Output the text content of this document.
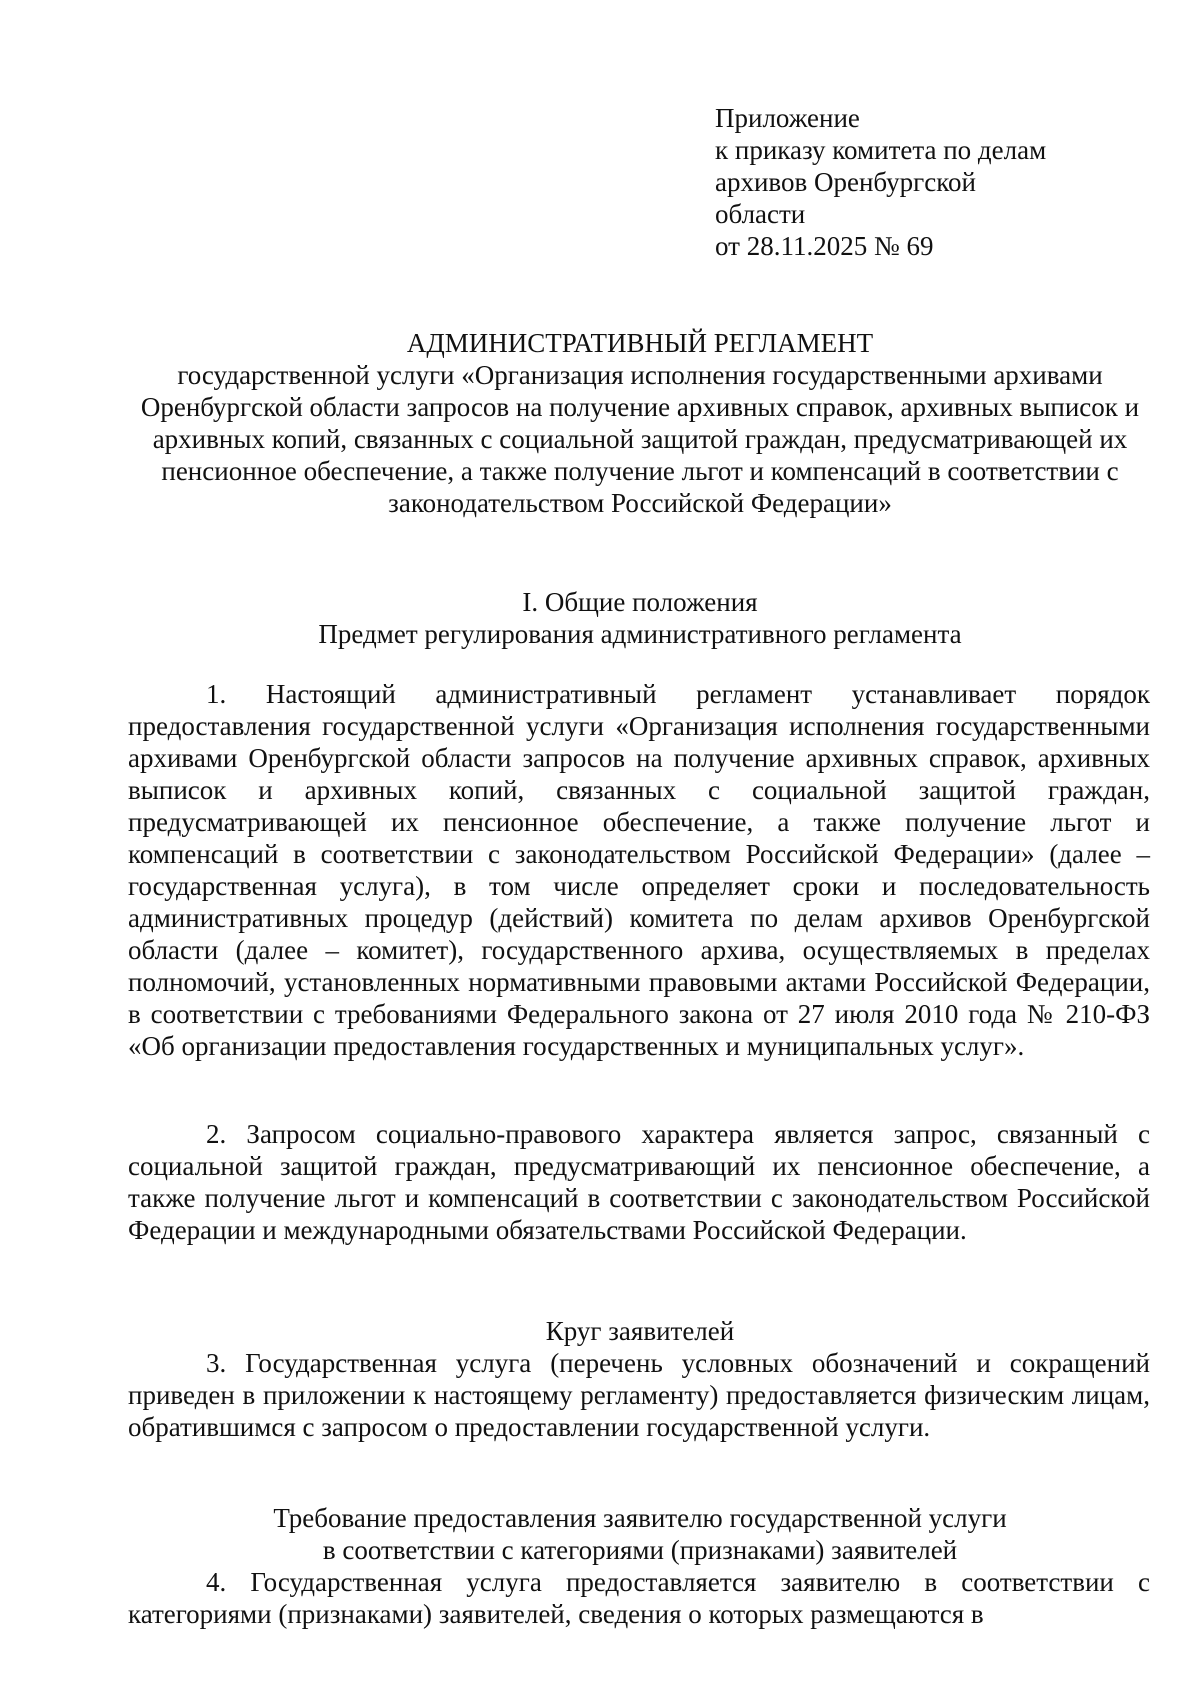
Приложение
к приказу комитета по делам
архивов Оренбургской
области
от 28.11.2025 № 69
АДМИНИСТРАТИВНЫЙ РЕГЛАМЕНТ
государственной услуги «Организация исполнения государственными архивами Оренбургской области запросов на получение архивных справок, архивных выписок и архивных копий, связанных с социальной защитой граждан, предусматривающей их пенсионное обеспечение, а также получение льгот и компенсаций в соответствии с законодательством Российской Федерации»
I. Общие положения
Предмет регулирования административного регламента
1. Настоящий административный регламент устанавливает порядок предоставления государственной услуги «Организация исполнения государственными архивами Оренбургской области запросов на получение архивных справок, архивных выписок и архивных копий, связанных с социальной защитой граждан, предусматривающей их пенсионное обеспечение, а также получение льгот и компенсаций в соответствии с законодательством Российской Федерации» (далее – государственная услуга), в том числе определяет сроки и последовательность административных процедур (действий) комитета по делам архивов Оренбургской области (далее – комитет), государственного архива, осуществляемых в пределах полномочий, установленных нормативными правовыми актами Российской Федерации, в соответствии с требованиями Федерального закона от 27 июля 2010 года № 210-ФЗ «Об организации предоставления государственных и муниципальных услуг».
2. Запросом социально-правового характера является запрос, связанный с социальной защитой граждан, предусматривающий их пенсионное обеспечение, а также получение льгот и компенсаций в соответствии с законодательством Российской Федерации и международными обязательствами Российской Федерации.
Круг заявителей
3. Государственная услуга (перечень условных обозначений и сокращений приведен в приложении к настоящему регламенту) предоставляется физическим лицам, обратившимся с запросом о предоставлении государственной услуги.
Требование предоставления заявителю государственной услуги
в соответствии с категориями (признаками) заявителей
4. Государственная услуга предоставляется заявителю в соответствии с категориями (признаками) заявителей, сведения о которых размещаются в
